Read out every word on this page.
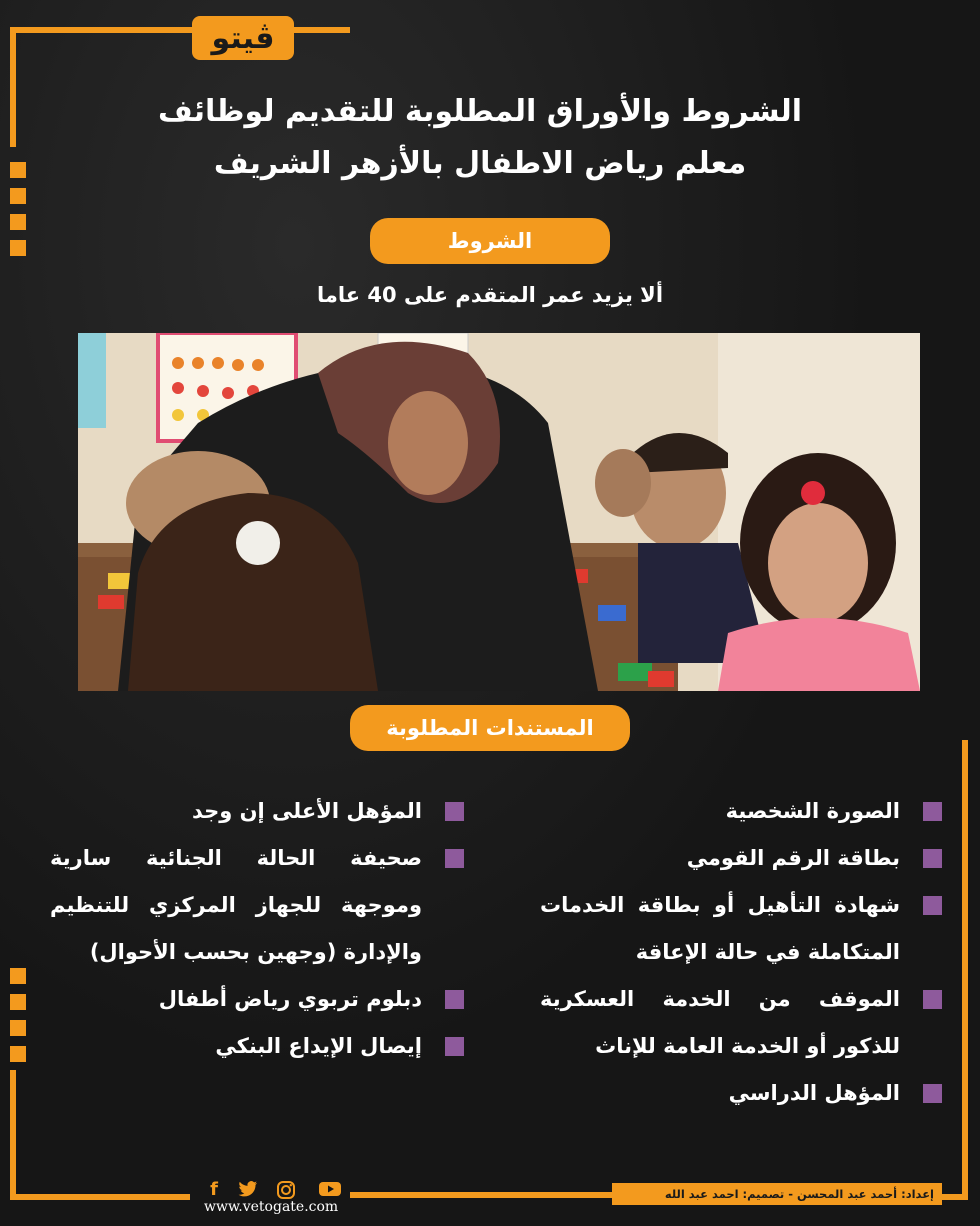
ڤيتو
الشروط والأوراق المطلوبة للتقديم لوظائف
معلم رياض الاطفال بالأزهر الشريف
الشروط
ألا يزيد عمر المتقدم على 40 عاما
المستندات المطلوبة
الصورة الشخصية
بطاقة الرقم القومي
شهادة التأهيل أو بطاقة الخدمات المتكاملة في حالة الإعاقة
الموقف من الخدمة العسكرية للذكور أو الخدمة العامة للإناث
المؤهل الدراسي
المؤهل الأعلى إن وجد
صحيفة الحالة الجنائية سارية وموجهة للجهاز المركزي للتنظيم والإدارة (وجهين بحسب الأحوال)
دبلوم تربوي رياض أطفال
إيصال الإيداع البنكي
f
www.vetogate.com
إعداد: أحمد عبد المحسن - تصميم: احمد عبد الله
